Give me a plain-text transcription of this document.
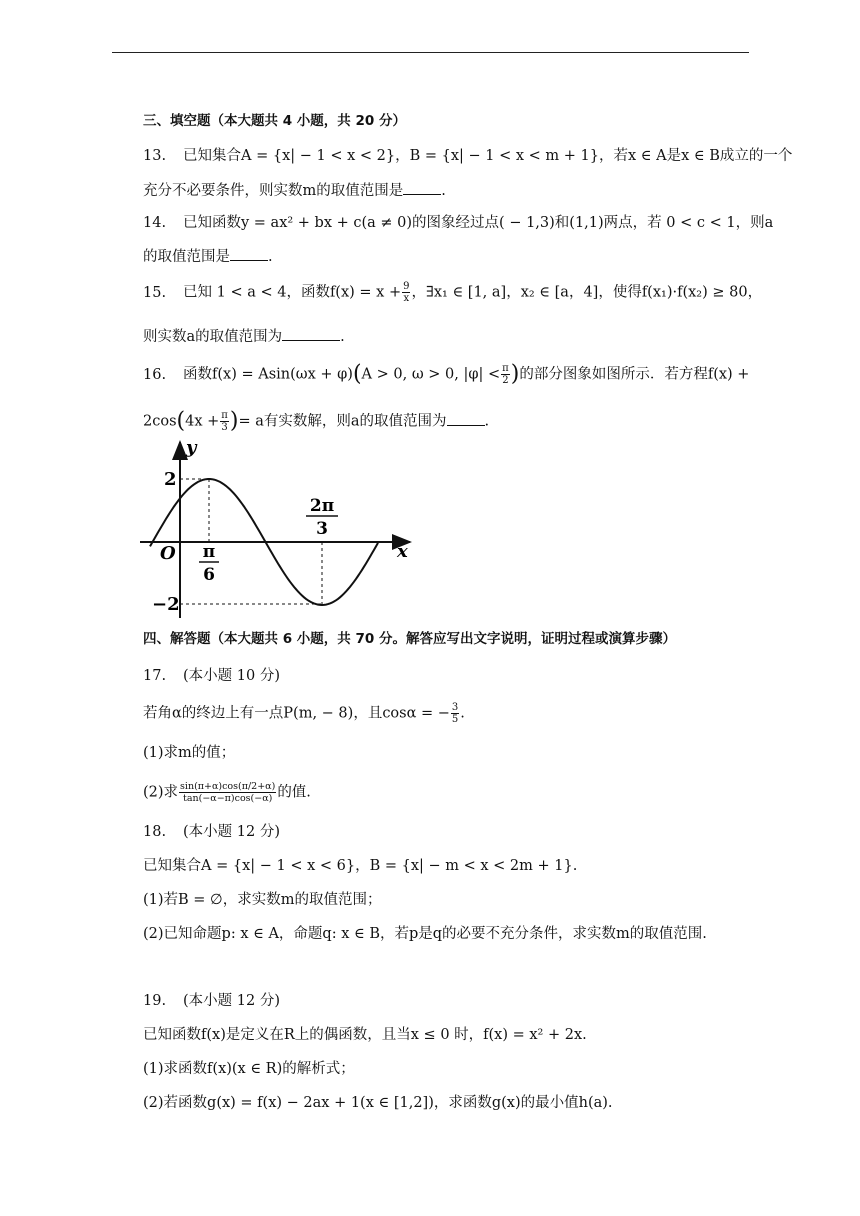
三、填空题（本大题共 4 小题，共 20 分）
13. 已知集合A = {x| − 1 < x < 2}，B = {x| − 1 < x < m + 1}，若x ∈ A是x ∈ B成立的一个
充分不必要条件，则实数m的取值范围是	.
14. 已知函数y = ax² + bx + c(a ≠ 0)的图象经过点( − 1,3)和(1,1)两点，若 0 < c < 1，则a
的取值范围是	.
15. 已知 1 < a < 4，函数$f(x) = x + \frac{9}{x}$ ，∃x₁ ∈ [1, a]，x₂ ∈ [a，4]，使得f(x₁)·f(x₂) ≥ 80，
则实数a的取值范围为	.
16. 函数f(x) = Asin(ωx + φ)(A > 0, ω > 0, $|\varphi| < \frac{\pi}{2}$ )的部分图象如图所示．若方程f(x) +
$2\cos(4x + \frac{\pi}{3}$ )= a有实数解，则a的取值范围为	.
y
x
O
2
−2
π
6
2π
3
四、解答题（本大题共 6 小题，共 70 分。解答应写出文字说明，证明过程或演算步骤）
17. (本小题 10 分)
若角α的终边上有一点P(m, − 8)，且cosα = − $\frac{3}{5}$ .
(1)求m的值；
(2)求 $\frac{\sin(\pi+\alpha)\cos(\pi/2+\alpha)}{\tan(-\alpha-\pi)\cos(-\alpha)}$ 的值.
18. (本小题 12 分)
已知集合A = {x| − 1 < x < 6}，B = {x| − m < x < 2m + 1}.
(1)若B = ∅，求实数m的取值范围；
(2)已知命题p: x ∈ A，命题q: x ∈ B，若p是q的必要不充分条件，求实数m的取值范围.
19. (本小题 12 分)
已知函数f(x)是定义在R上的偶函数，且当x ≤ 0 时，f(x) = x² + 2x.
(1)求函数f(x)(x ∈ R)的解析式；
(2)若函数g(x) = f(x) − 2ax + 1(x ∈ [1,2])，求函数g(x)的最小值h(a).
